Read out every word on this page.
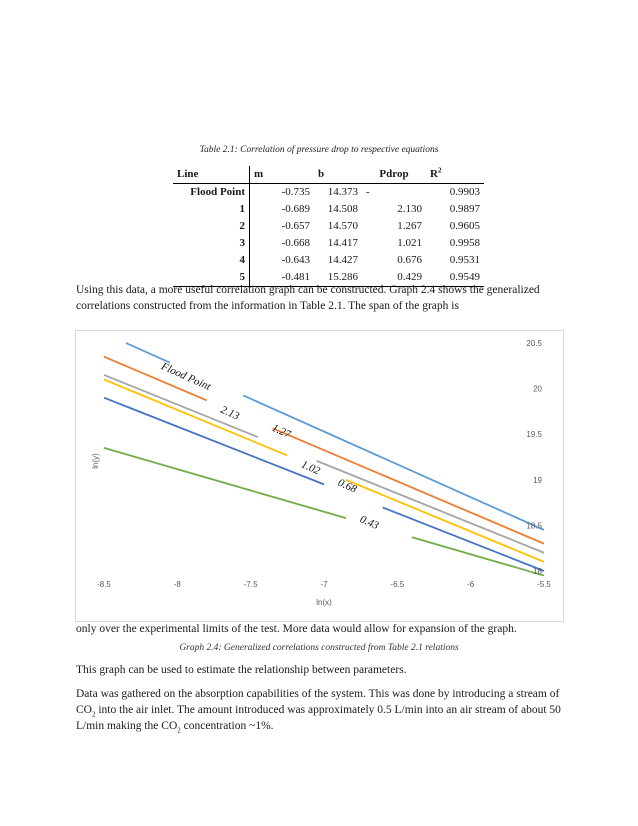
Table 2.1: Correlation of pressure drop to respective equations
Line	m	b	Pdrop	$R^2$
Flood Point	-0.735	14.373	-	0.9903
1	-0.689	14.508	2.130	0.9897
2	-0.657	14.570	1.267	0.9605
3	-0.668	14.417	1.021	0.9958
4	-0.643	14.427	0.676	0.9531
5	-0.481	15.286	0.429	0.9549
Using this data, a more useful correlation graph can be constructed. Graph 2.4 shows the generalized correlations constructed from the information in Table 2.1. The span of the graph is
Flood Point
2.13
1.27
1.02
0.68
0.43
-8.5	-8	-7.5	-7	-6.5	-6	-5.5
18
18.5
19
19.5
20
20.5
ln(x)
ln(y)
only over the experimental limits of the test. More data would allow for expansion of the graph.
Graph 2.4: Generalized correlations constructed from Table 2.1 relations
This graph can be used to estimate the relationship between parameters.
Data was gathered on the absorption capabilities of the system. This was done by introducing a stream of $CO_2$ into the air inlet. The amount introduced was approximately 0.5 L/min into an air stream of about 50 L/min making the $CO_2$ concentration ~1%.
